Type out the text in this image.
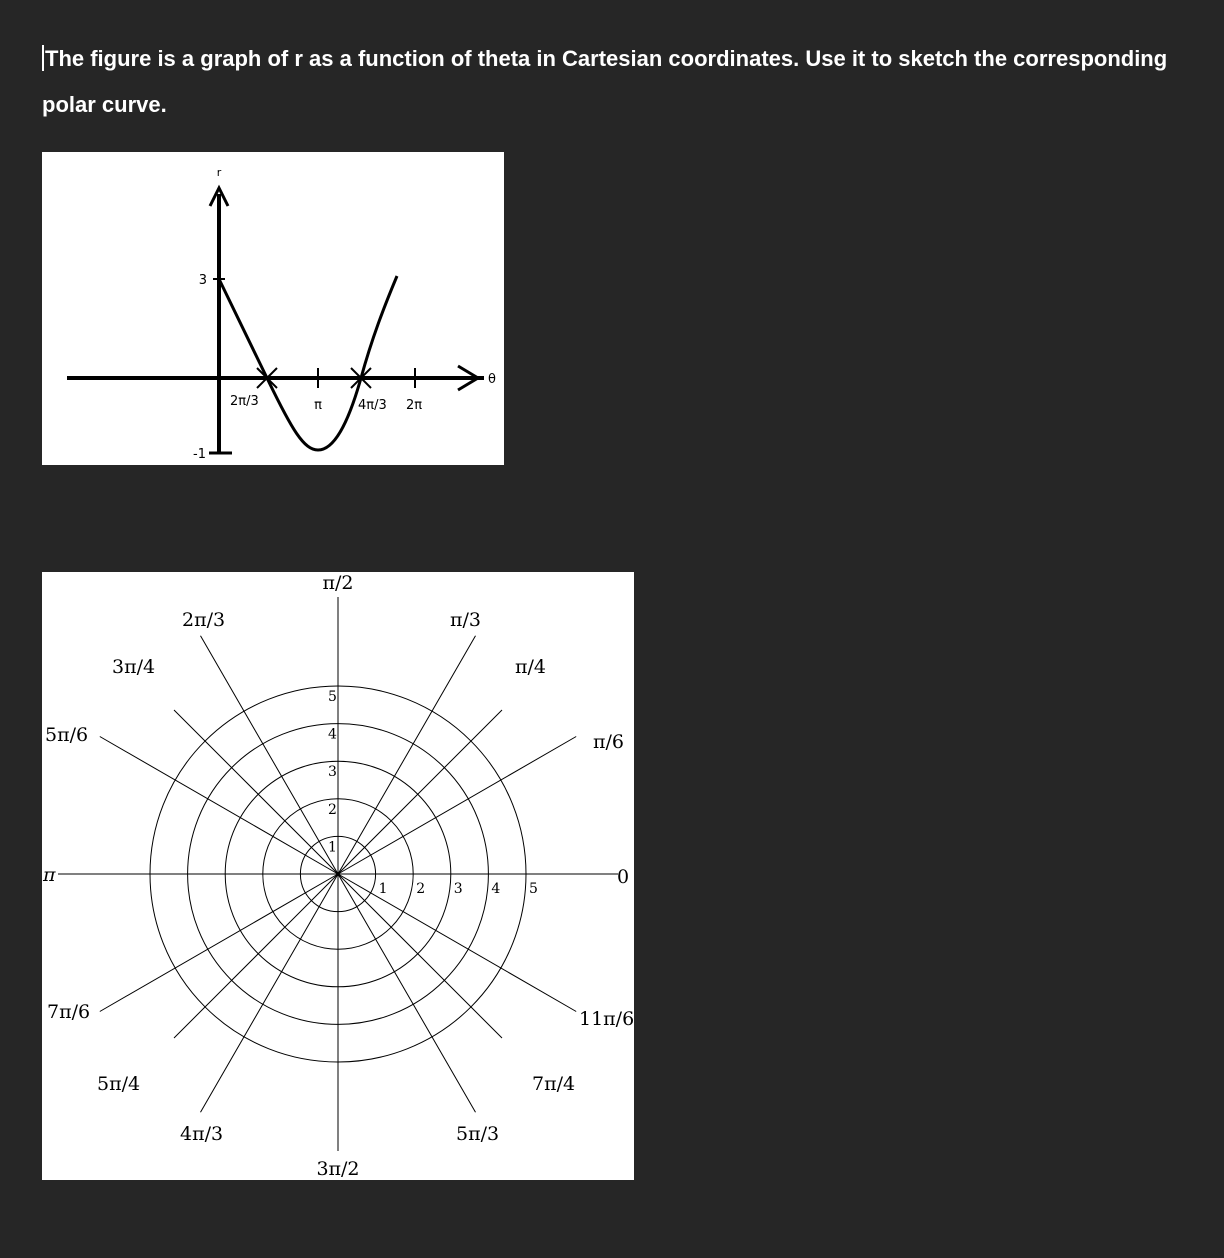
The figure is a graph of r as a function of theta in Cartesian coordinates. Use it to sketch the corresponding polar curve.

r
θ
3
-1
2π/3	π	4π/3 2π
1
1
2
2
3
3
4
4
5
5
0
π/6
π/4
π/3
π/2
2π/3
3π/4
5π/6
π
7π/6
5π/4
4π/3
3π/2
5π/3
7π/4
11π/6
